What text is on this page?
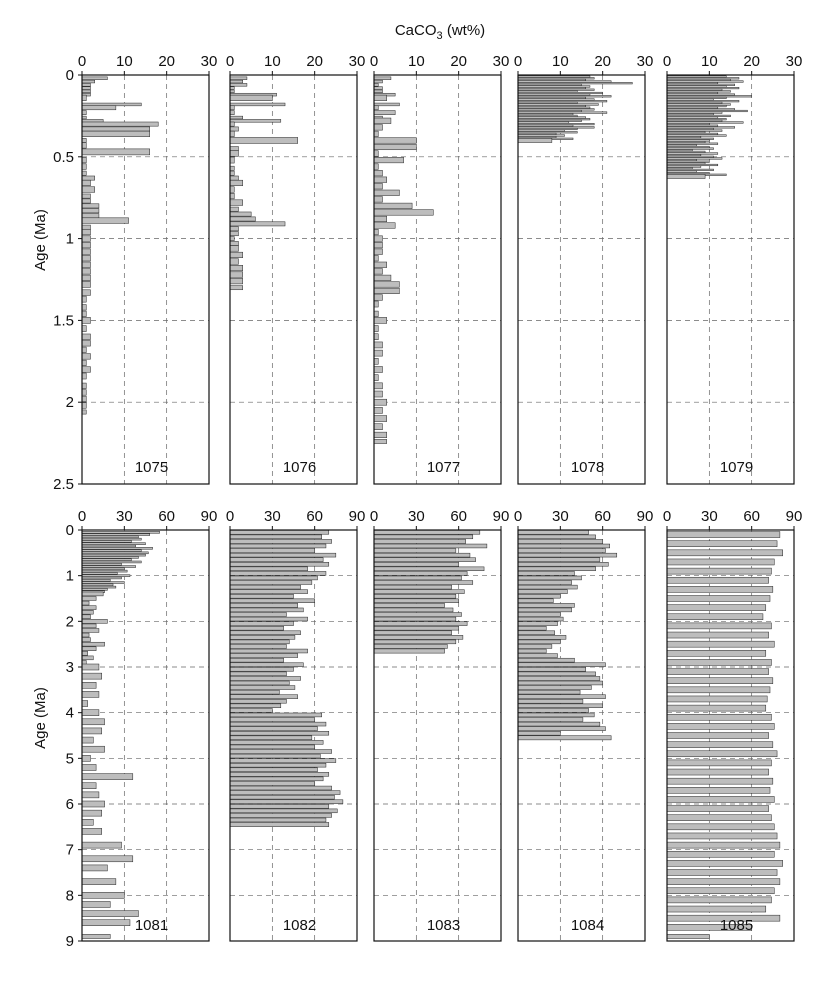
CaCO$_3$ (wt%)
Age (Ma)
Age (Ma)
0 10 20 30
0
0.5
1
1.5
2
2.5
1075
0 10 20 30
1076
0 10 20 30
1077
0 10 20 30
1078
0 10 20 30
1079
0 30 60 90
0
1
2
3
4
5
6
7
8
9
1081
0 30 60 90
1082
0 30 60 90
1083
0 30 60 90
1084
0 30 60 90
1085
